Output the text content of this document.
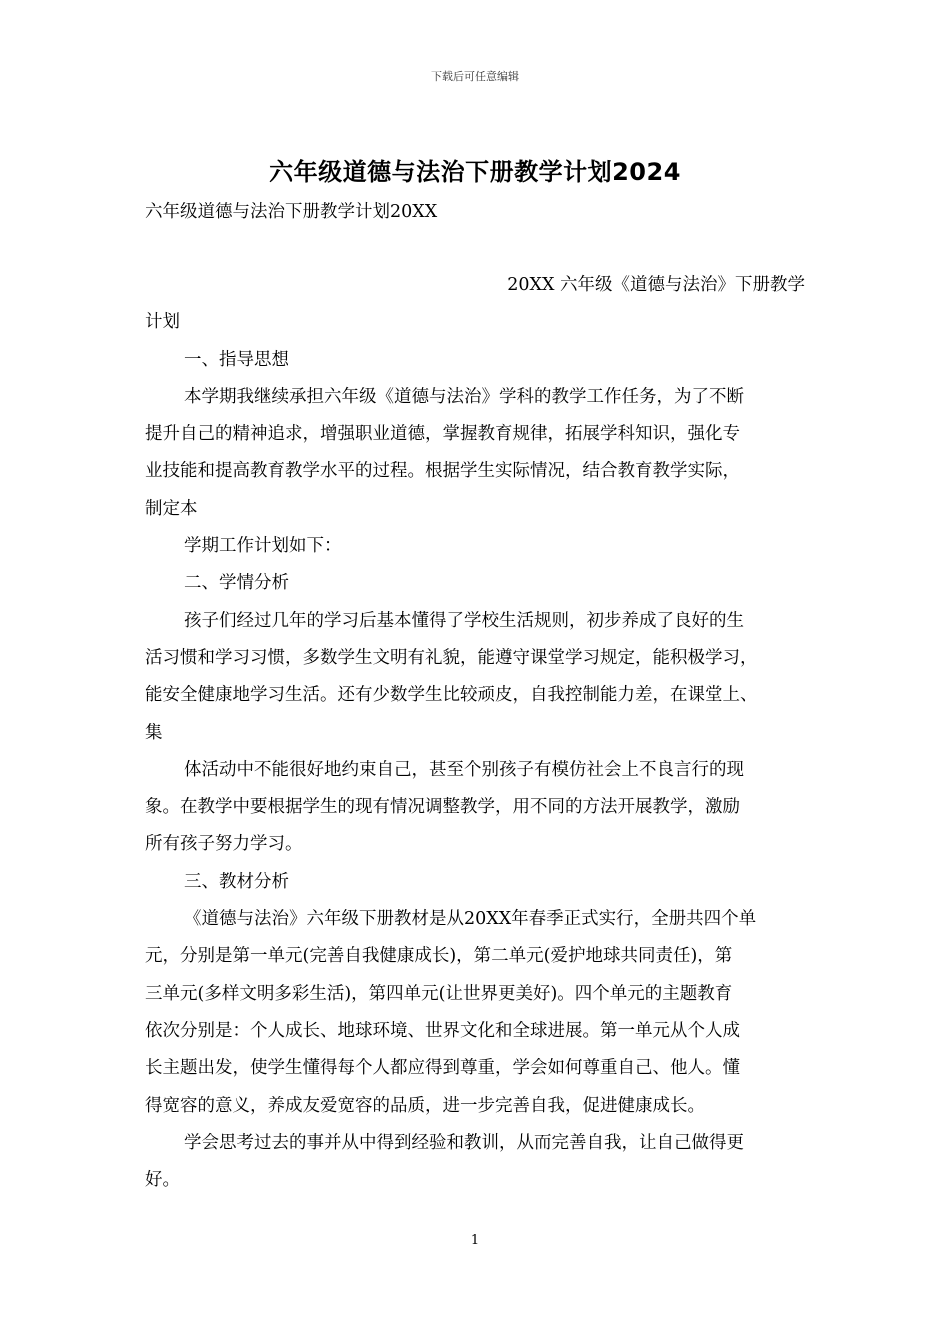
下载后可任意编辑
六年级道德与法治下册教学计划2024
六年级道德与法治下册教学计划20XX
20XX 六年级《道德与法治》下册教学
计划
一、指导思想
本学期我继续承担六年级《道德与法治》学科的教学工作任务，为了不断
提升自己的精神追求，增强职业道德，掌握教育规律，拓展学科知识，强化专
业技能和提高教育教学水平的过程。根据学生实际情况，结合教育教学实际，
制定本
学期工作计划如下：
二、学情分析
孩子们经过几年的学习后基本懂得了学校生活规则，初步养成了良好的生
活习惯和学习习惯，多数学生文明有礼貌，能遵守课堂学习规定，能积极学习，
能安全健康地学习生活。还有少数学生比较顽皮，自我控制能力差，在课堂上、
集
体活动中不能很好地约束自己，甚至个别孩子有模仿社会上不良言行的现
象。在教学中要根据学生的现有情况调整教学，用不同的方法开展教学，激励
所有孩子努力学习。
三、教材分析
《道德与法治》六年级下册教材是从20XX年春季正式实行，全册共四个单
元，分别是第一单元(完善自我健康成长)，第二单元(爱护地球共同责任)，第
三单元(多样文明多彩生活)，第四单元(让世界更美好)。四个单元的主题教育
依次分别是：个人成长、地球环境、世界文化和全球进展。第一单元从个人成
长主题出发，使学生懂得每个人都应得到尊重，学会如何尊重自己、他人。懂
得宽容的意义，养成友爱宽容的品质，进一步完善自我，促进健康成长。
学会思考过去的事并从中得到经验和教训，从而完善自我，让自己做得更
好。
1
